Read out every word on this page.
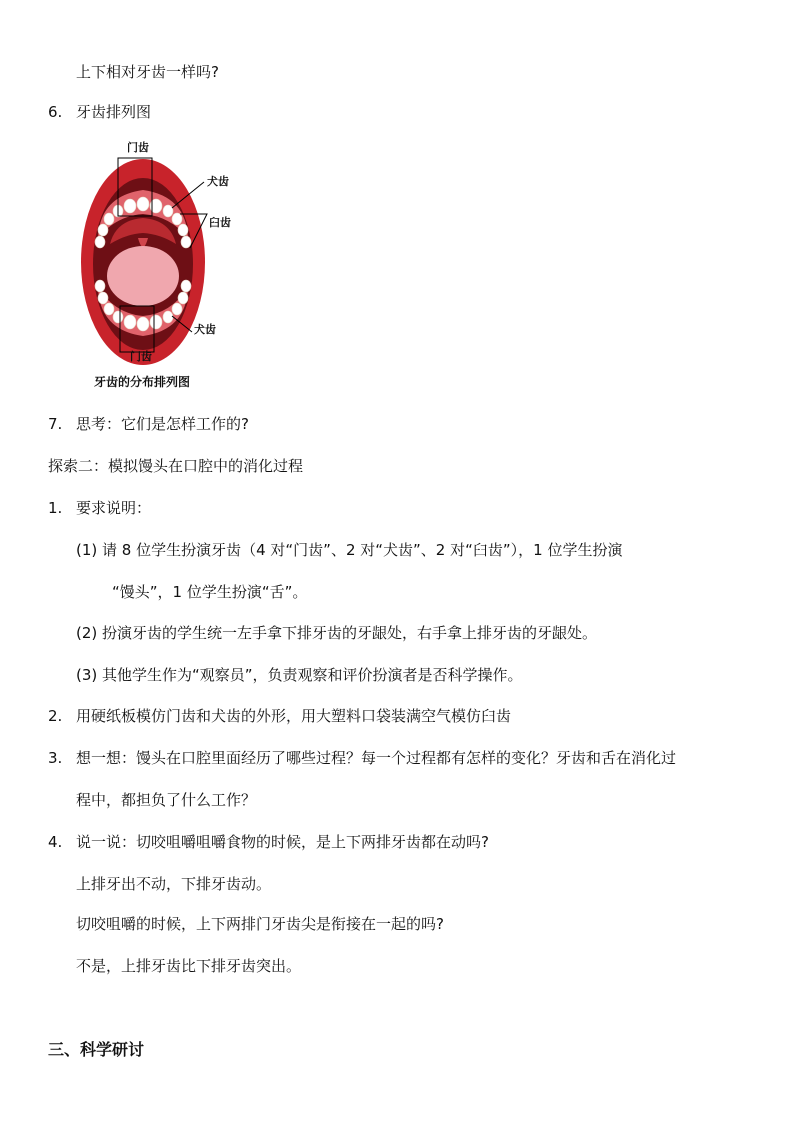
上下相对牙齿一样吗?
6. 牙齿排列图
门齿
犬齿
臼齿
犬齿
门齿
牙齿的分布排列图
7. 思考：它们是怎样工作的?
探索二：模拟馒头在口腔中的消化过程
1. 要求说明：
(1) 请 8 位学生扮演牙齿（4 对“门齿”、2 对“犬齿”、2 对“臼齿”），1 位学生扮演
“馒头”，1 位学生扮演“舌”。
(2) 扮演牙齿的学生统一左手拿下排牙齿的牙龈处，右手拿上排牙齿的牙龈处。
(3) 其他学生作为“观察员”，负责观察和评价扮演者是否科学操作。
2. 用硬纸板模仿门齿和犬齿的外形，用大塑料口袋装满空气模仿臼齿
3. 想一想：馒头在口腔里面经历了哪些过程？每一个过程都有怎样的变化？牙齿和舌在消化过
程中，都担负了什么工作？
4. 说一说：切咬咀嚼咀嚼食物的时候，是上下两排牙齿都在动吗?
上排牙出不动，下排牙齿动。
切咬咀嚼的时候，上下两排门牙齿尖是衔接在一起的吗?
不是，上排牙齿比下排牙齿突出。
三、科学研讨
